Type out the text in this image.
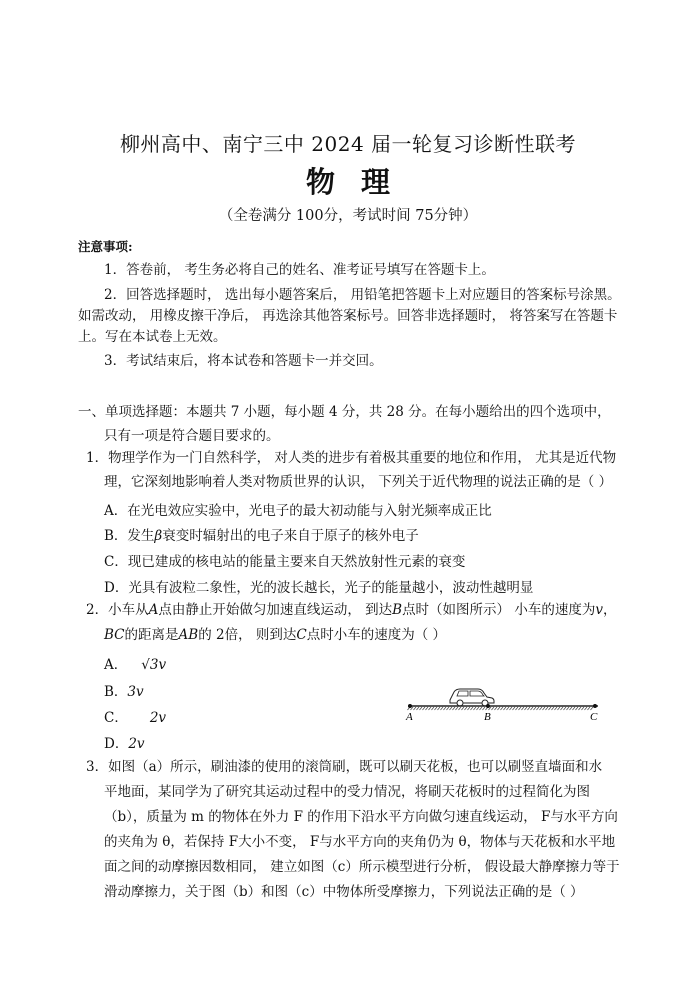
柳州高中、南宁三中 2024 届一轮复习诊断性联考
物理
（全卷满分 100分，考试时间 75分钟）
注意事项:
1．答卷前， 考生务必将自己的姓名、准考证号填写在答题卡上。
2．回答选择题时， 选出每小题答案后， 用铅笔把答题卡上对应题目的答案标号涂黑。
如需改动， 用橡皮擦干净后， 再选涂其他答案标号。回答非选择题时， 将答案写在答题卡
上。写在本试卷上无效。
3．考试结束后，将本试卷和答题卡一并交回。
一、单项选择题：本题共 7 小题，每小题 4 分，共 28 分。在每小题给出的四个选项中，
只有一项是符合题目要求的。
1．物理学作为一门自然科学， 对人类的进步有着极其重要的地位和作用， 尤其是近代物
理，它深刻地影响着人类对物质世界的认识， 下列关于近代物理的说法正确的是（ ）
A．在光电效应实验中，光电子的最大初动能与入射光频率成正比
B．发生β衰变时辐射出的电子来自于原子的核外电子
C．现已建成的核电站的能量主要来自天然放射性元素的衰变
D．光具有波粒二象性，光的波长越长，光子的能量越小，波动性越明显
2．小车从A点由静止开始做匀加速直线运动， 到达B点时（如图所示） 小车的速度为v，
BC的距离是AB的 2倍， 则到达C点时小车的速度为（ ）
A． √3v
B．3v
C． 2v
D．2v
A	B	C
3．如图（a）所示，刷油漆的使用的滚筒刷，既可以刷天花板，也可以刷竖直墙面和水
平地面，某同学为了研究其运动过程中的受力情况，将刷天花板时的过程简化为图
（b），质量为 m 的物体在外力 F 的作用下沿水平方向做匀速直线运动， F与水平方向
的夹角为 θ，若保持 F大小不变， F与水平方向的夹角仍为 θ，物体与天花板和水平地
面之间的动摩擦因数相同， 建立如图（c）所示模型进行分析， 假设最大静摩擦力等于
滑动摩擦力，关于图（b）和图（c）中物体所受摩擦力，下列说法正确的是（ ）
